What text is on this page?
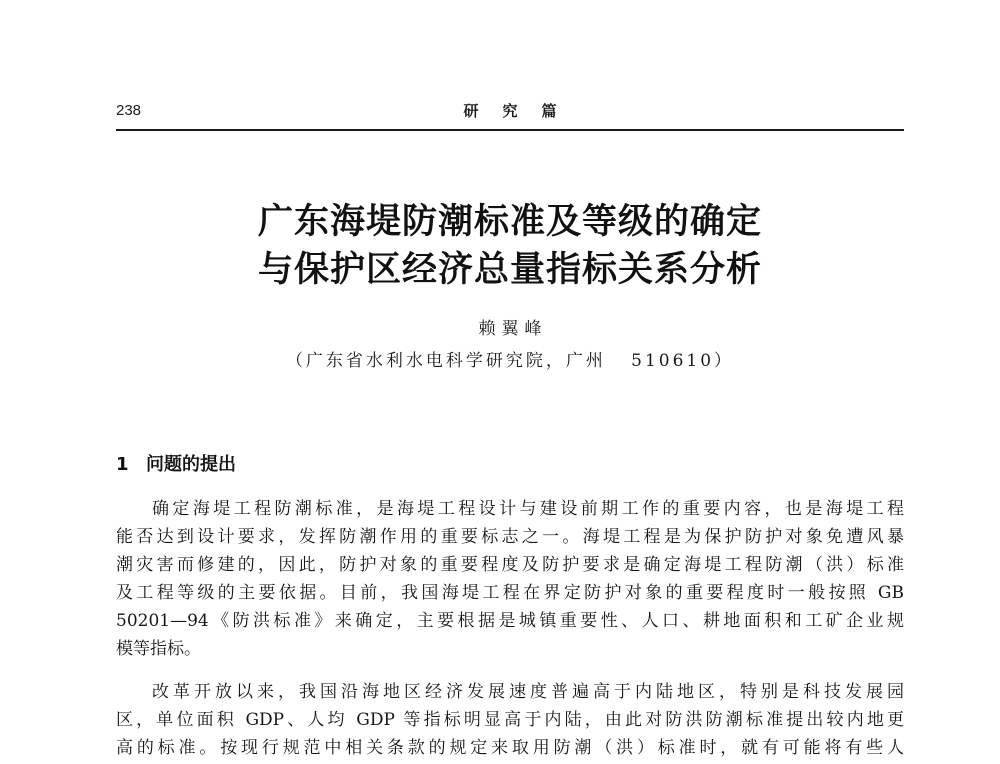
238	研究篇
广东海堤防潮标准及等级的确定
与保护区经济总量指标关系分析
赖翼峰
（广东省水利水电科学研究院，广州   510610）
1 问题的提出
确定海堤工程防潮标准，是海堤工程设计与建设前期工作的重要内容，也是海堤工程
能否达到设计要求，发挥防潮作用的重要标志之一。海堤工程是为保护防护对象免遭风暴
潮灾害而修建的，因此，防护对象的重要程度及防护要求是确定海堤工程防潮（洪）标准
及工程等级的主要依据。目前，我国海堤工程在界定防护对象的重要程度时一般按照 GB
50201—94《防洪标准》来确定，主要根据是城镇重要性、人口、耕地面积和工矿企业规
模等指标。
改革开放以来，我国沿海地区经济发展速度普遍高于内陆地区，特别是科技发展园
区，单位面积 GDP、人均 GDP 等指标明显高于内陆，由此对防洪防潮标准提出较内地更
高的标准。按现行规范中相关条款的规定来取用防潮（洪）标准时，就有可能将有些人
